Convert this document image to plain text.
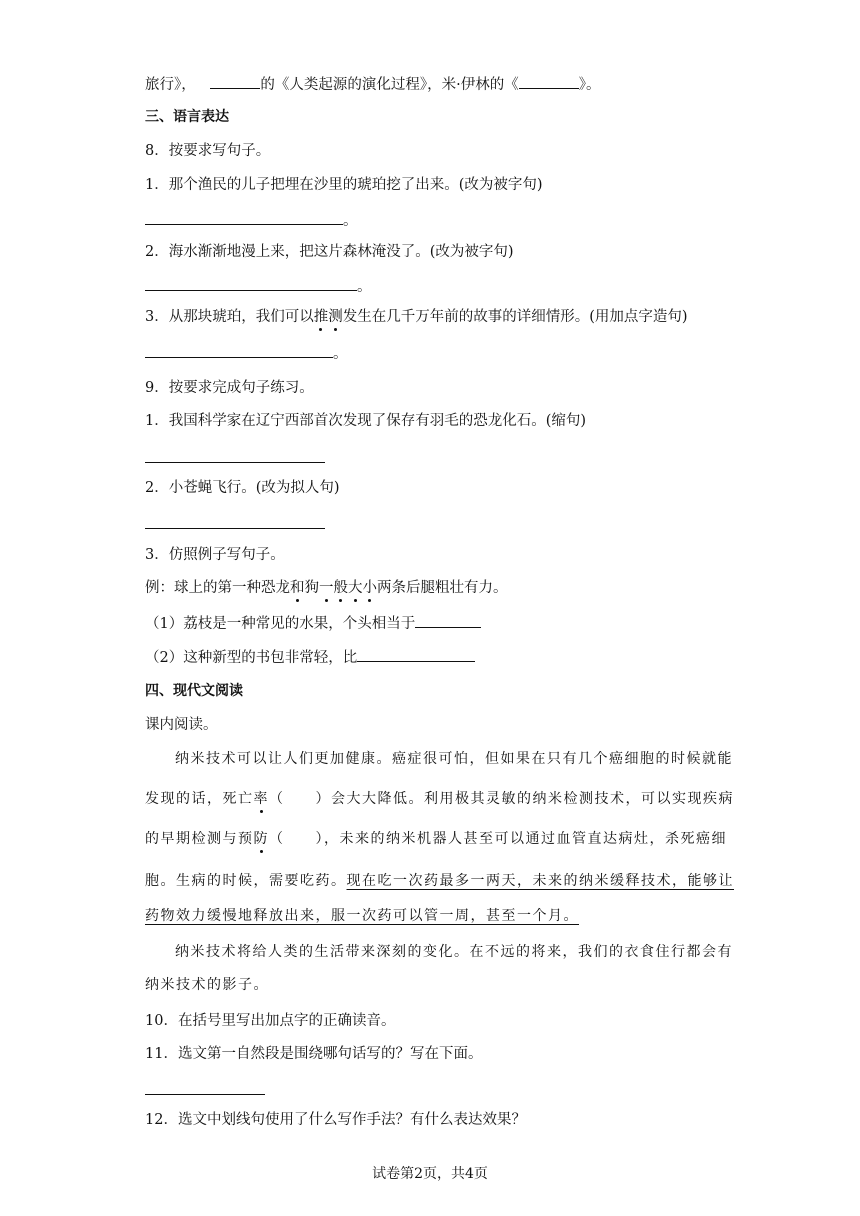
旅行》，	的《人类起源的演化过程》，米·伊林的《	》。
三、语言表达
8．按要求写句子。
1．那个渔民的儿子把埋在沙里的琥珀挖了出来。(改为被字句)
。
2．海水渐渐地漫上来，把这片森林淹没了。(改为被字句)
。
3．从那块琥珀，我们可以推测发生在几千万年前的故事的详细情形。(用加点字造句)
。
9．按要求完成句子练习。
1．我国科学家在辽宁西部首次发现了保存有羽毛的恐龙化石。(缩句)
2．小苍蝇飞行。(改为拟人句)
3．仿照例子写句子。
例：球上的第一种恐龙和狗一般大小两条后腿粗壮有力。
（1）荔枝是一种常见的水果，个头相当于
（2）这种新型的书包非常轻，比
四、现代文阅读
课内阅读。
纳米技术可以让人们更加健康。癌症很可怕，但如果在只有几个癌细胞的时候就能
发现的话，死亡率（　　）会大大降低。利用极其灵敏的纳米检测技术，可以实现疾病
的早期检测与预防（　　），未来的纳米机器人甚至可以通过血管直达病灶，杀死癌细
胞。生病的时候，需要吃药。现在吃一次药最多一两天，未来的纳米缓释技术，能够让
药物效力缓慢地释放出来，服一次药可以管一周，甚至一个月。
纳米技术将给人类的生活带来深刻的变化。在不远的将来，我们的衣食住行都会有
纳米技术的影子。
10．在括号里写出加点字的正确读音。
11．选文第一自然段是围绕哪句话写的？写在下面。
12．选文中划线句使用了什么写作手法？有什么表达效果？
试卷第2页，共4页
